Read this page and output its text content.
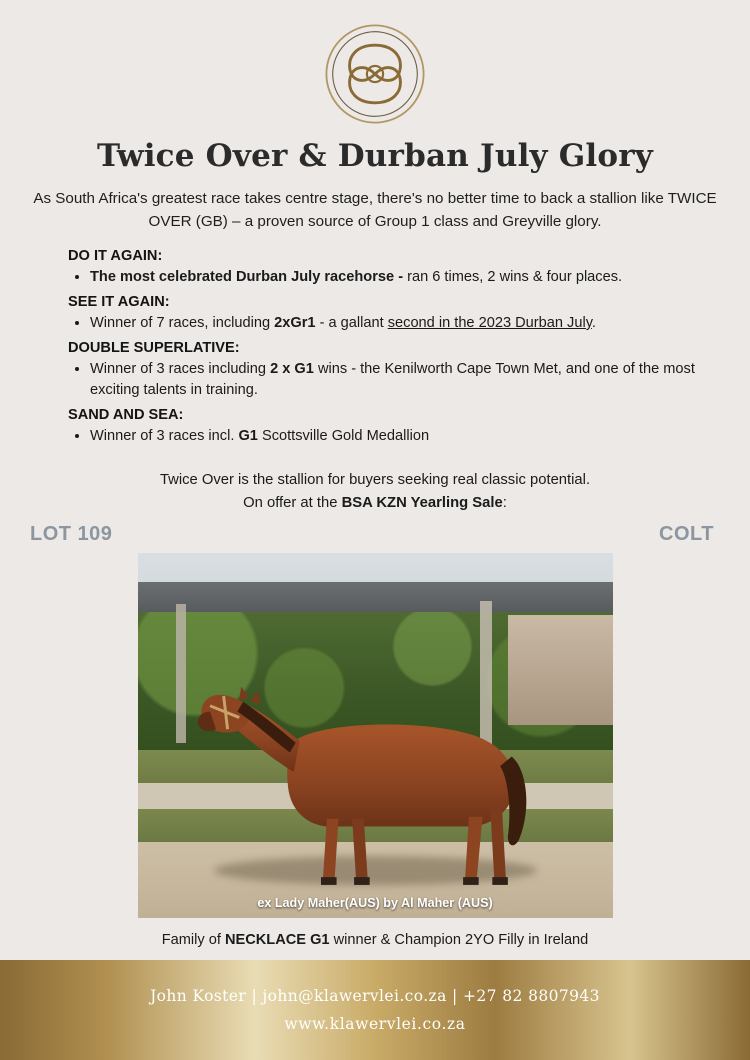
Twice Over & Durban July Glory
As South Africa's greatest race takes centre stage, there's no better time to back a stallion like TWICE OVER (GB) – a proven source of Group 1 class and Greyville glory.
DO IT AGAIN:
• The most celebrated Durban July racehorse - ran 6 times, 2 wins & four places.
SEE IT AGAIN:
• Winner of 7 races, including 2xGr1 - a gallant second in the 2023 Durban July.
DOUBLE SUPERLATIVE:
• Winner of 3 races including 2 x G1 wins - the Kenilworth Cape Town Met, and one of the most exciting talents in training.
SAND AND SEA:
• Winner of 3 races incl. G1 Scottsville Gold Medallion
Twice Over is the stallion for buyers seeking real classic potential.
On offer at the BSA KZN Yearling Sale:
LOT 109	COLT
ex Lady Maher(AUS) by Al Maher (AUS)
Family of NECKLACE G1 winner & Champion 2YO Filly in Ireland
John Koster | john@klawervlei.co.za | +27 82 8807943
www.klawervlei.co.za
